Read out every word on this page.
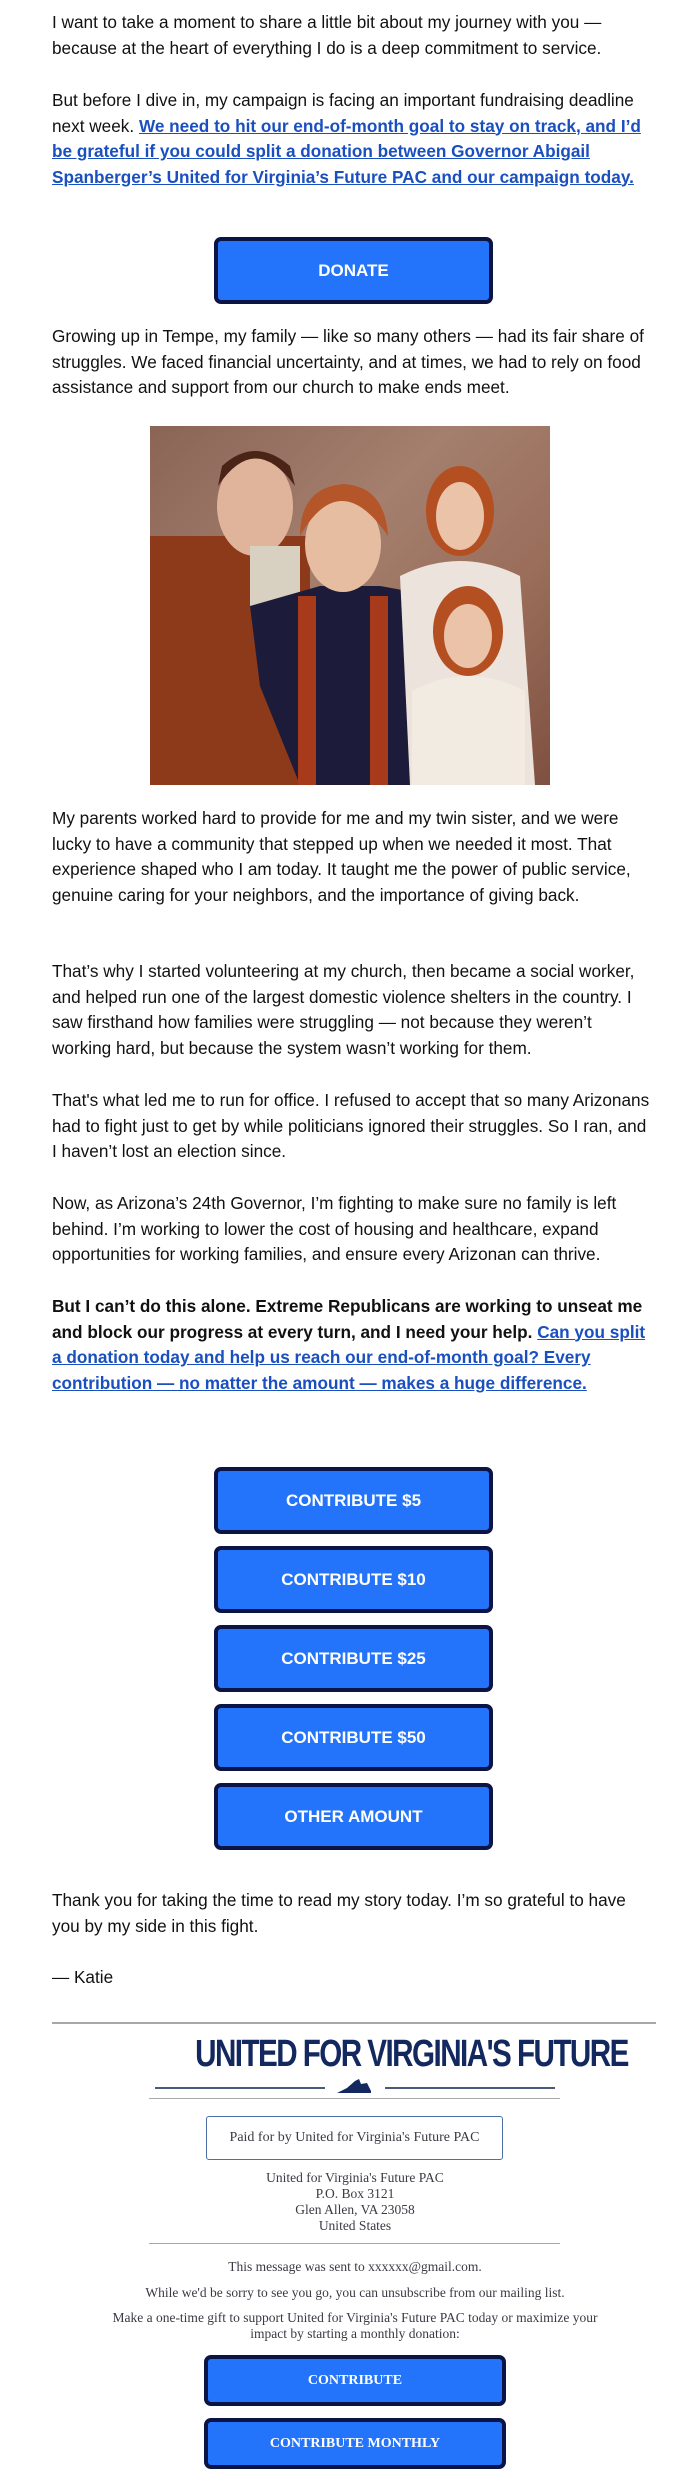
I want to take a moment to share a little bit about my journey with you — because at the heart of everything I do is a deep commitment to service.

But before I dive in, my campaign is facing an important fundraising deadline next week. We need to hit our end-of-month goal to stay on track, and I’d be grateful if you could split a donation between Governor Abigail Spanberger’s United for Virginia’s Future PAC and our campaign today.

DONATE

Growing up in Tempe, my family — like so many others — had its fair share of struggles. We faced financial uncertainty, and at times, we had to rely on food assistance and support from our church to make ends meet.

My parents worked hard to provide for me and my twin sister, and we were lucky to have a community that stepped up when we needed it most. That experience shaped who I am today. It taught me the power of public service, genuine caring for your neighbors, and the importance of giving back.

That’s why I started volunteering at my church, then became a social worker, and helped run one of the largest domestic violence shelters in the country. I saw firsthand how families were struggling — not because they weren’t working hard, but because the system wasn’t working for them.

That's what led me to run for office. I refused to accept that so many Arizonans had to fight just to get by while politicians ignored their struggles. So I ran, and I haven’t lost an election since.

Now, as Arizona’s 24th Governor, I’m fighting to make sure no family is left behind. I’m working to lower the cost of housing and healthcare, expand opportunities for working families, and ensure every Arizonan can thrive.

But I can’t do this alone. Extreme Republicans are working to unseat me and block our progress at every turn, and I need your help. Can you split a donation today and help us reach our end-of-month goal? Every contribution — no matter the amount — makes a huge difference.

CONTRIBUTE $5
CONTRIBUTE $10
CONTRIBUTE $25
CONTRIBUTE $50
OTHER AMOUNT

Thank you for taking the time to read my story today. I’m so grateful to have you by my side in this fight.

— Katie

UNITED FOR VIRGINIA'S FUTURE
Paid for by United for Virginia's Future PAC
United for Virginia's Future PAC
P.O. Box 3121
Glen Allen, VA 23058
United States
This message was sent to xxxxxx@gmail.com.
While we'd be sorry to see you go, you can unsubscribe from our mailing list.
Make a one-time gift to support United for Virginia's Future PAC today or maximize your impact by starting a monthly donation:
CONTRIBUTE
CONTRIBUTE MONTHLY
